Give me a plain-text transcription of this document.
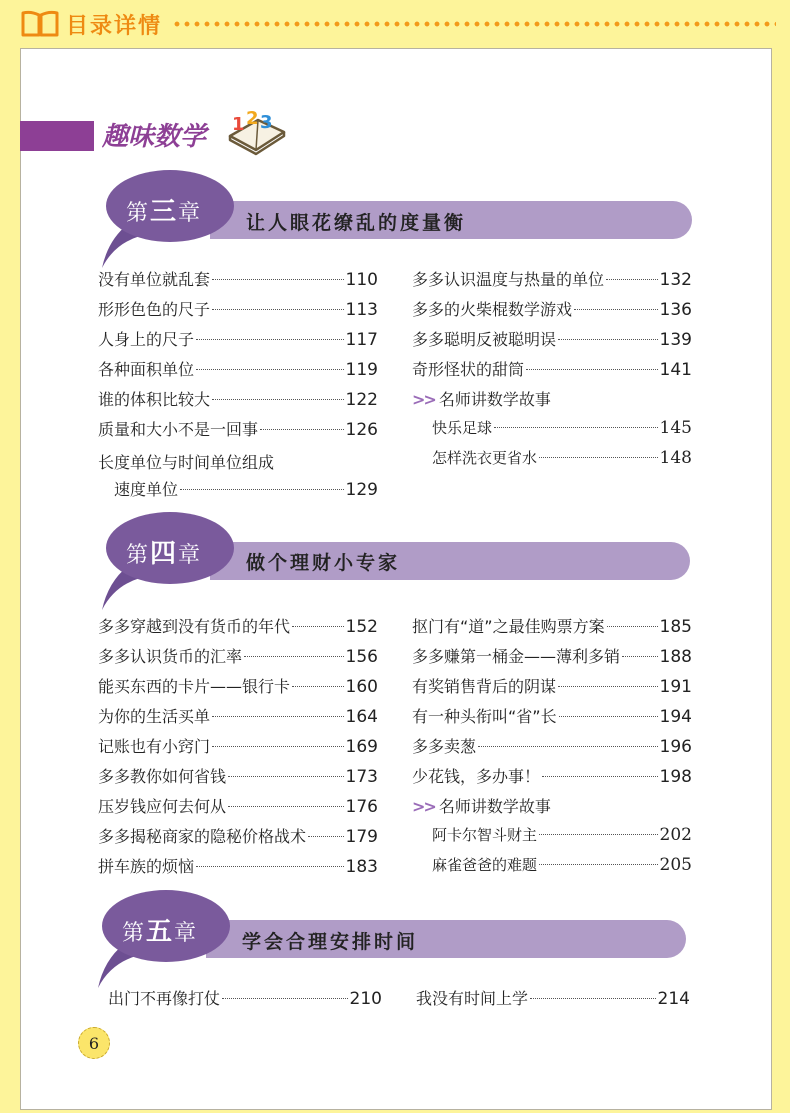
目录详情
趣味数学 1 2 3
第三章 让人眼花缭乱的度量衡
没有单位就乱套	110
形形色色的尺子	113
人身上的尺子	117
各种面积单位	119
谁的体积比较大	122
质量和大小不是一回事	126
长度单位与时间单位组成
速度单位	129
多多认识温度与热量的单位	132
多多的火柴棍数学游戏	136
多多聪明反被聪明误	139
奇形怪状的甜筒	141
>> 名师讲数学故事
快乐足球	145
怎样洗衣更省水	148
第四章 做个理财小专家
多多穿越到没有货币的年代	152
多多认识货币的汇率	156
能买东西的卡片——银行卡	160
为你的生活买单	164
记账也有小窍门	169
多多教你如何省钱	173
压岁钱应何去何从	176
多多揭秘商家的隐秘价格战术 179
拼车族的烦恼	183
抠门有“道”之最佳购票方案	185
多多赚第一桶金——薄利多销 188
有奖销售背后的阴谋	191
有一种头衔叫“省”长	194
多多卖葱	196
少花钱，多办事！	198
>> 名师讲数学故事
阿卡尔智斗财主	202
麻雀爸爸的难题	205
第五章 学会合理安排时间
出门不再像打仗	210 我没有时间上学	214
6
